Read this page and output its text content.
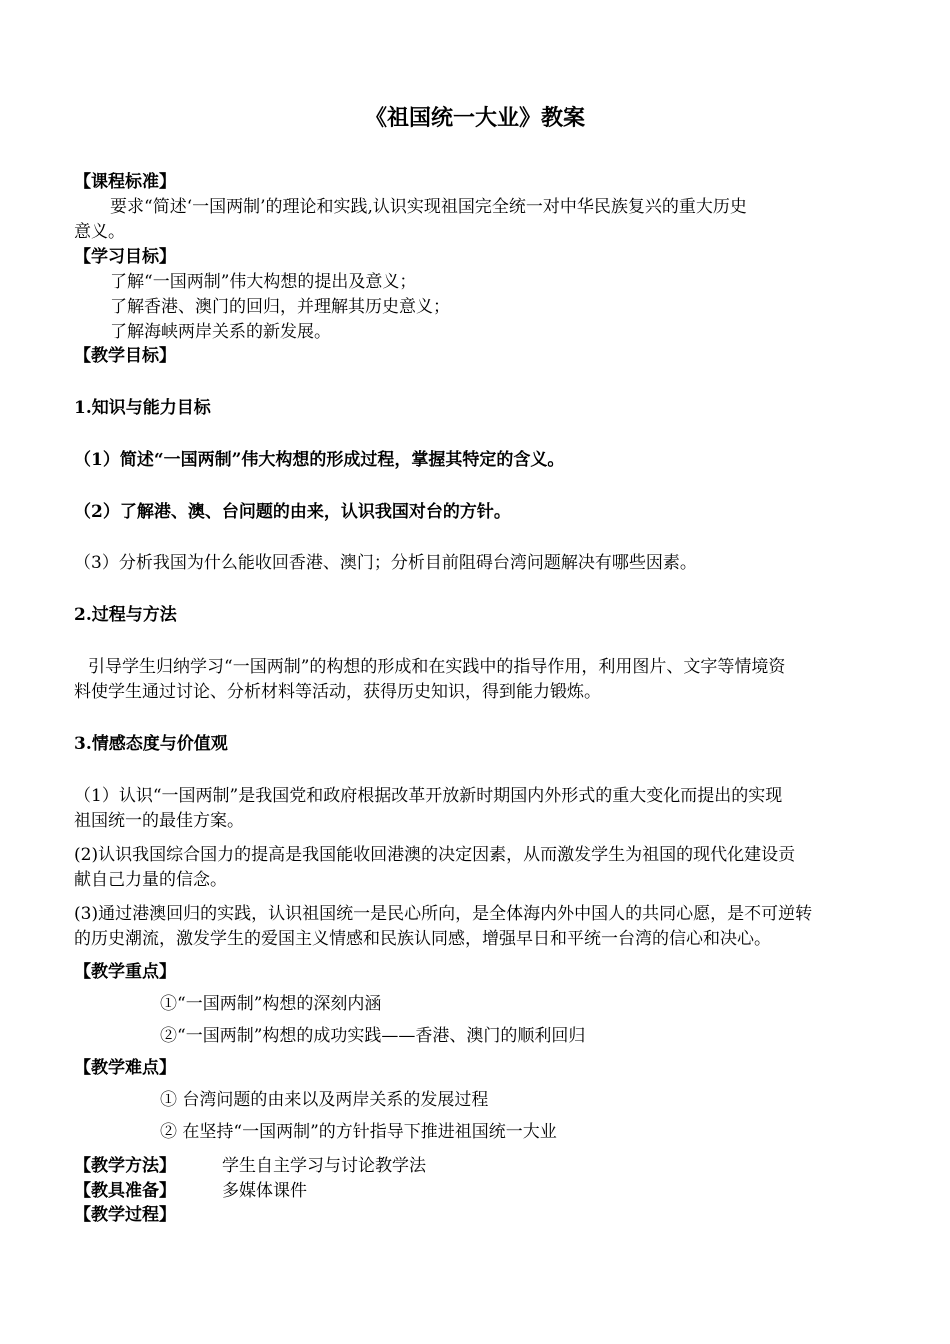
《祖国统一大业》教案
【课程标准】
要求“简述‘一国两制’的理论和实践,认识实现祖国完全统一对中华民族复兴的重大历史
意义。
【学习目标】
了解“一国两制”伟大构想的提出及意义；
了解香港、澳门的回归，并理解其历史意义；
了解海峡两岸关系的新发展。
【教学目标】
1.知识与能力目标
（1）简述“一国两制”伟大构想的形成过程，掌握其特定的含义。
（2）了解港、澳、台问题的由来，认识我国对台的方针。
（3）分析我国为什么能收回香港、澳门；分析目前阻碍台湾问题解决有哪些因素。
2.过程与方法
引导学生归纳学习“一国两制”的构想的形成和在实践中的指导作用，利用图片、文字等情境资
料使学生通过讨论、分析材料等活动，获得历史知识，得到能力锻炼。
3.情感态度与价值观
（1）认识“一国两制”是我国党和政府根据改革开放新时期国内外形式的重大变化而提出的实现
祖国统一的最佳方案。
(2)认识我国综合国力的提高是我国能收回港澳的决定因素，从而激发学生为祖国的现代化建设贡
献自己力量的信念。
(3)通过港澳回归的实践，认识祖国统一是民心所向，是全体海内外中国人的共同心愿，是不可逆转
的历史潮流，激发学生的爱国主义情感和民族认同感，增强早日和平统一台湾的信心和决心。
【教学重点】
①“一国两制”构想的深刻内涵
②“一国两制”构想的成功实践——香港、澳门的顺利回归
【教学难点】
① 台湾问题的由来以及两岸关系的发展过程
② 在坚持“一国两制”的方针指导下推进祖国统一大业
【教学方法】	学生自主学习与讨论教学法
【教具准备】	多媒体课件
【教学过程】
